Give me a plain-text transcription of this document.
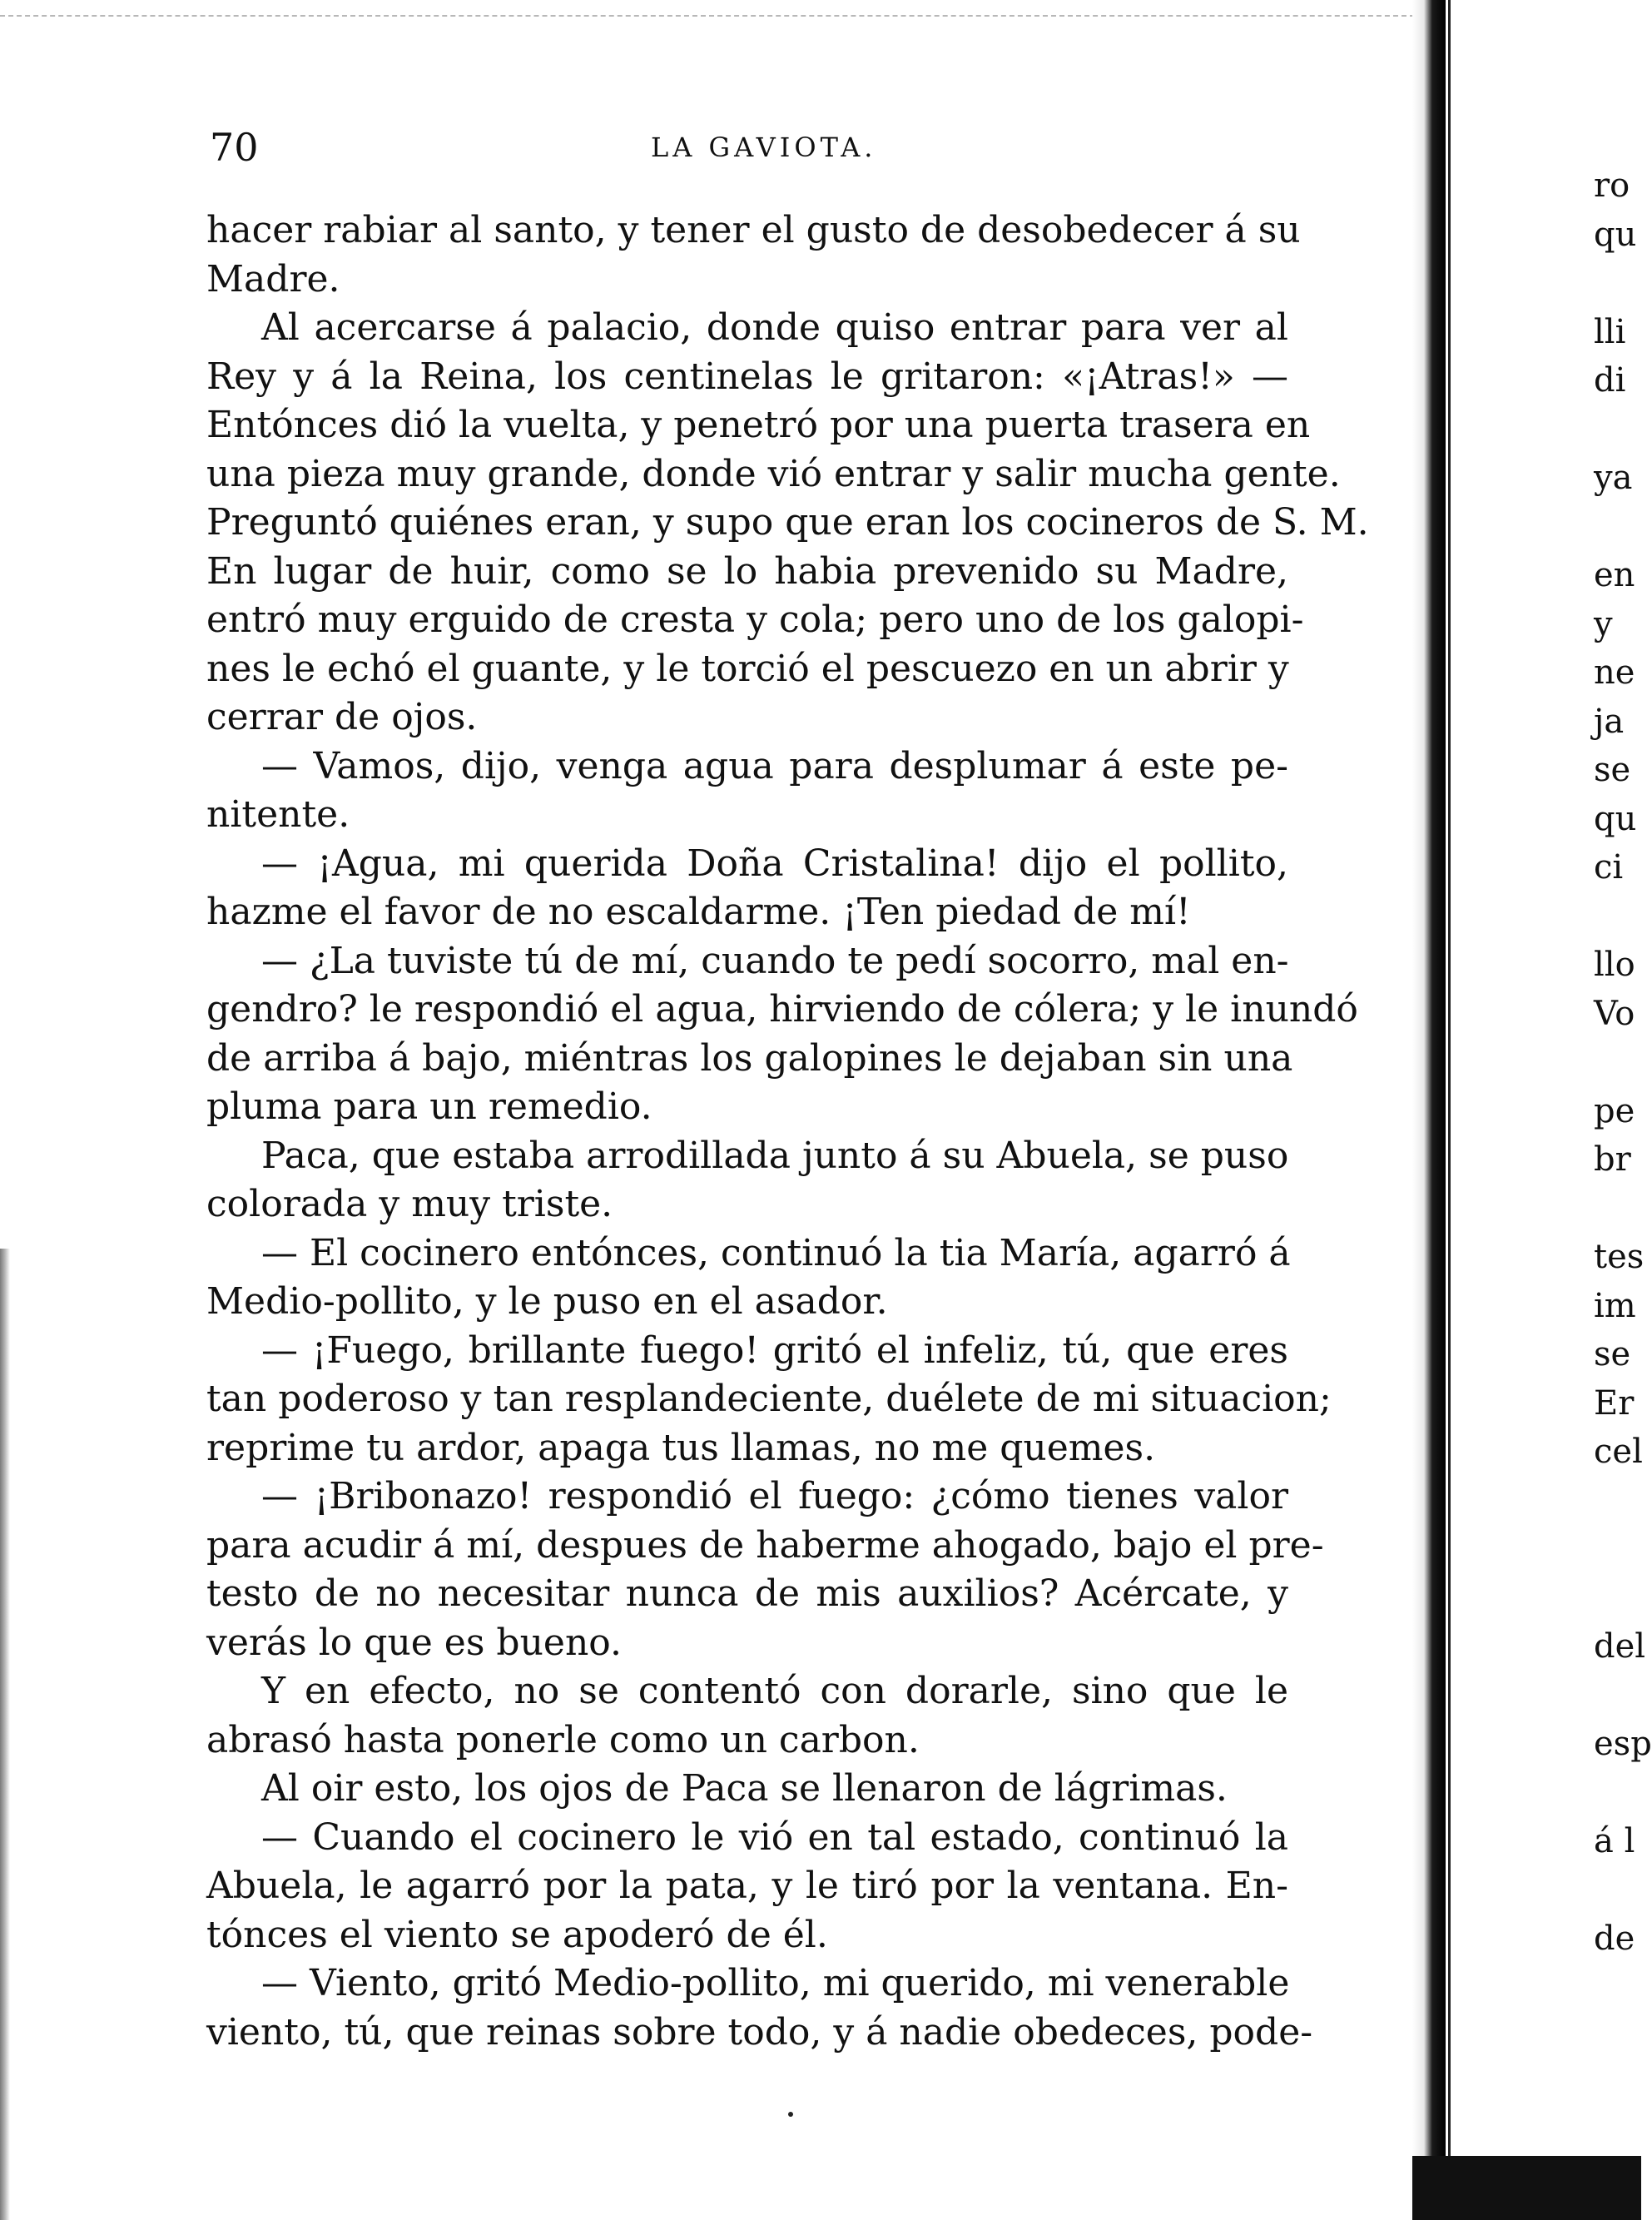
70	LA GAVIOTA.
hacer rabiar al santo, y tener el gusto de desobedecer á su
Madre.
Al acercarse á palacio, donde quiso entrar para ver al
Rey y á la Reina, los centinelas le gritaron: «¡Atras!» —
Entónces dió la vuelta, y penetró por una puerta trasera en
una pieza muy grande, donde vió entrar y salir mucha gente.
Preguntó quiénes eran, y supo que eran los cocineros de S. M.
En lugar de huir, como se lo habia prevenido su Madre,
entró muy erguido de cresta y cola; pero uno de los galopi-
nes le echó el guante, y le torció el pescuezo en un abrir y
cerrar de ojos.
— Vamos, dijo, venga agua para desplumar á este pe-
nitente.
— ¡Agua, mi querida Doña Cristalina! dijo el pollito,
hazme el favor de no escaldarme. ¡Ten piedad de mí!
— ¿La tuviste tú de mí, cuando te pedí socorro, mal en-
gendro? le respondió el agua, hirviendo de cólera; y le inundó
de arriba á bajo, miéntras los galopines le dejaban sin una
pluma para un remedio.
Paca, que estaba arrodillada junto á su Abuela, se puso
colorada y muy triste.
— El cocinero entónces, continuó la tia María, agarró á
Medio-pollito, y le puso en el asador.
— ¡Fuego, brillante fuego! gritó el infeliz, tú, que eres
tan poderoso y tan resplandeciente, duélete de mi situacion;
reprime tu ardor, apaga tus llamas, no me quemes.
— ¡Bribonazo! respondió el fuego: ¿cómo tienes valor
para acudir á mí, despues de haberme ahogado, bajo el pre-
testo de no necesitar nunca de mis auxilios? Acércate, y
verás lo que es bueno.
Y en efecto, no se contentó con dorarle, sino que le
abrasó hasta ponerle como un carbon.
Al oir esto, los ojos de Paca se llenaron de lágrimas.
— Cuando el cocinero le vió en tal estado, continuó la
Abuela, le agarró por la pata, y le tiró por la ventana. En-
tónces el viento se apoderó de él.
— Viento, gritó Medio-pollito, mi querido, mi venerable
viento, tú, que reinas sobre todo, y á nadie obedeces, pode-
ro
qu
lli
di
ya
en
y
ne
ja
se
qu
ci
llo
Vo
pe
br
tes
im
se
Er
cel
del
esp
á l
de
